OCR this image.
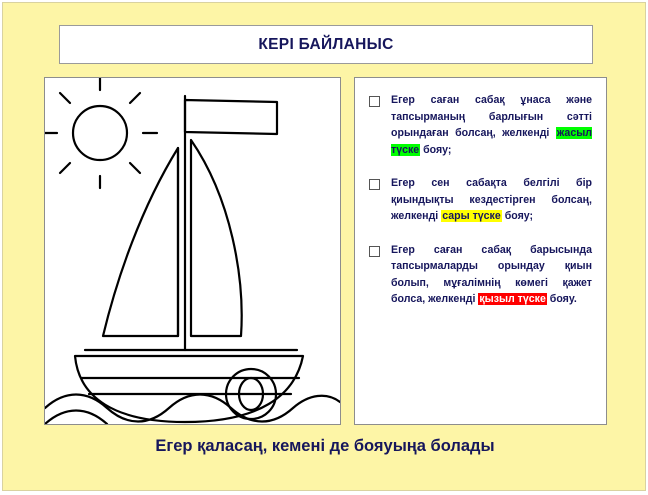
КЕРІ БАЙЛАНЫС
Егер саған сабақ ұнаса және тапсырманың барлығын сәтті орындаған болсаң, желкенді жасыл түске бояу;
Егер сен сабақта белгілі бір қиындықты кездестірген болсаң, желкенді сары түске бояу;
Егер саған сабақ барысында тапсырмаларды орындау қиын болып, мұғалімнің көмегі қажет болса, желкенді қызыл түске бояу.
Егер қаласаң, кемені де бояуыңа болады
